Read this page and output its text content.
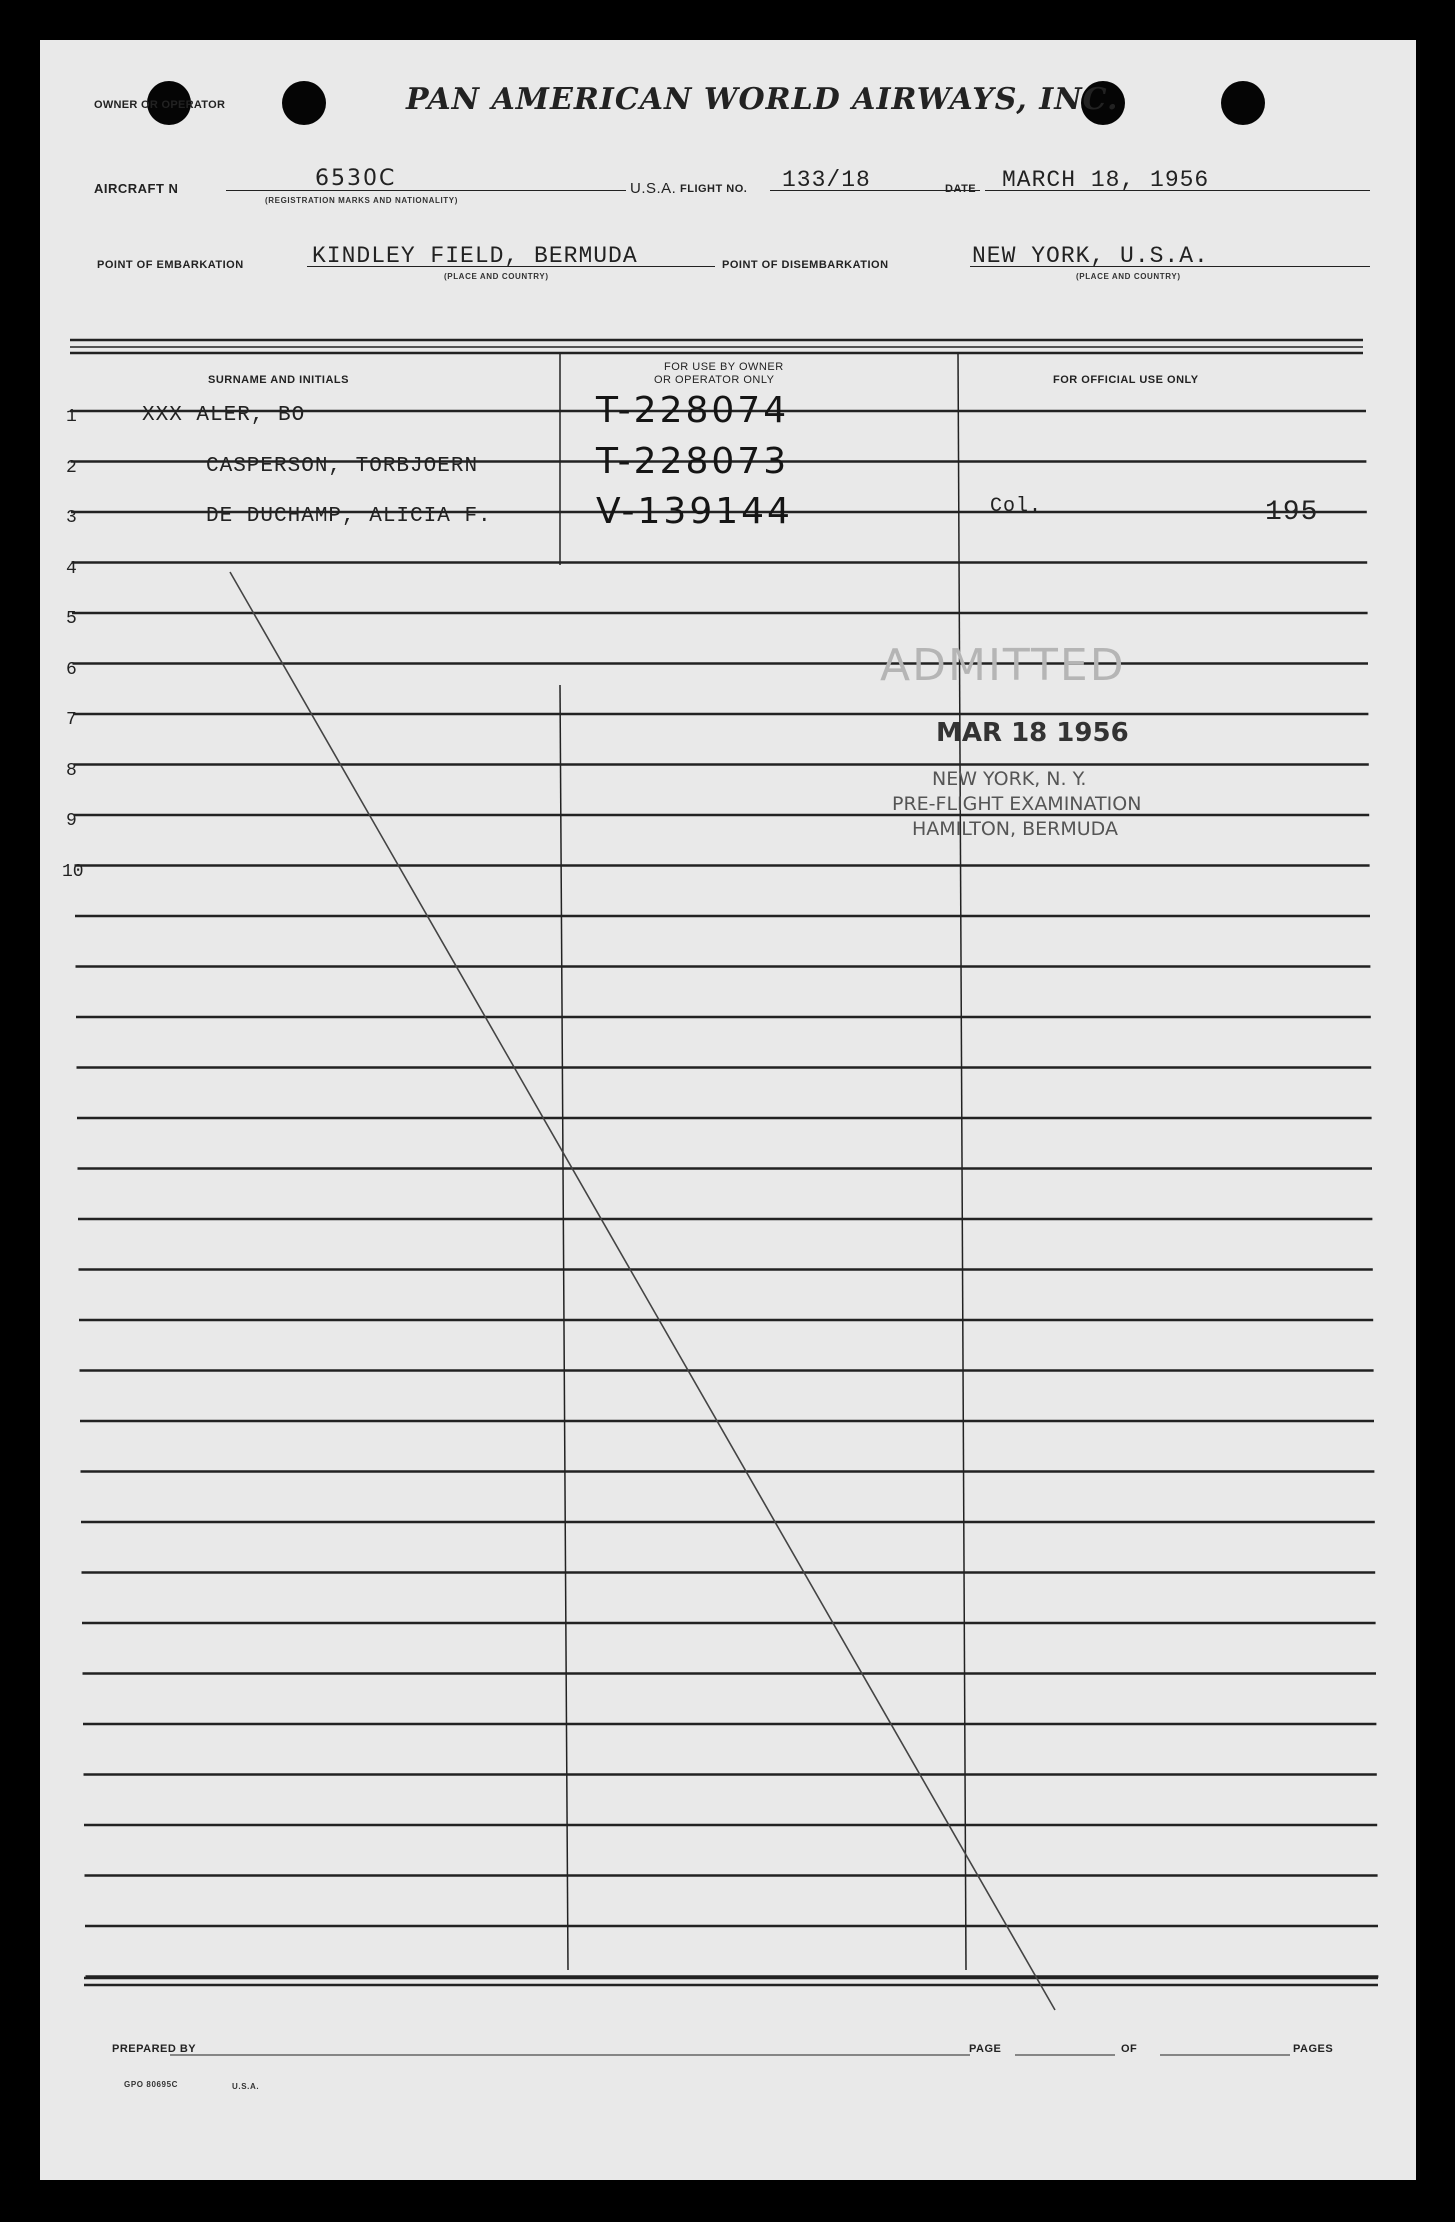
OWNER OR OPERATOR	PAN AMERICAN WORLD AIRWAYS, INC.
AIRCRAFT N	6530C
(REGISTRATION MARKS AND NATIONALITY)
U.S.A. FLIGHT NO. 133/18	DATE MARCH 18, 1956
POINT OF EMBARKATION	KINDLEY FIELD, BERMUDA
(PLACE AND COUNTRY)
POINT OF DISEMBARKATION	NEW YORK, U.S.A.
(PLACE AND COUNTRY)
SURNAME AND INITIALS
FOR USE BY OWNER
OR OPERATOR ONLY	FOR OFFICIAL USE ONLY
1	XXX ALER, BO	T-228074
2	CASPERSON, TORBJOERN	T-228073
3	DE DUCHAMP, ALICIA F.	V-139144	Col.	195
4
5
6
7
8
9
10
ADMITTED
MAR 18 1956
NEW YORK, N. Y.
PRE-FLIGHT EXAMINATION
HAMILTON, BERMUDA
PREPARED BY	PAGE	OF	PAGES
GPO 80695C	U.S.A.
